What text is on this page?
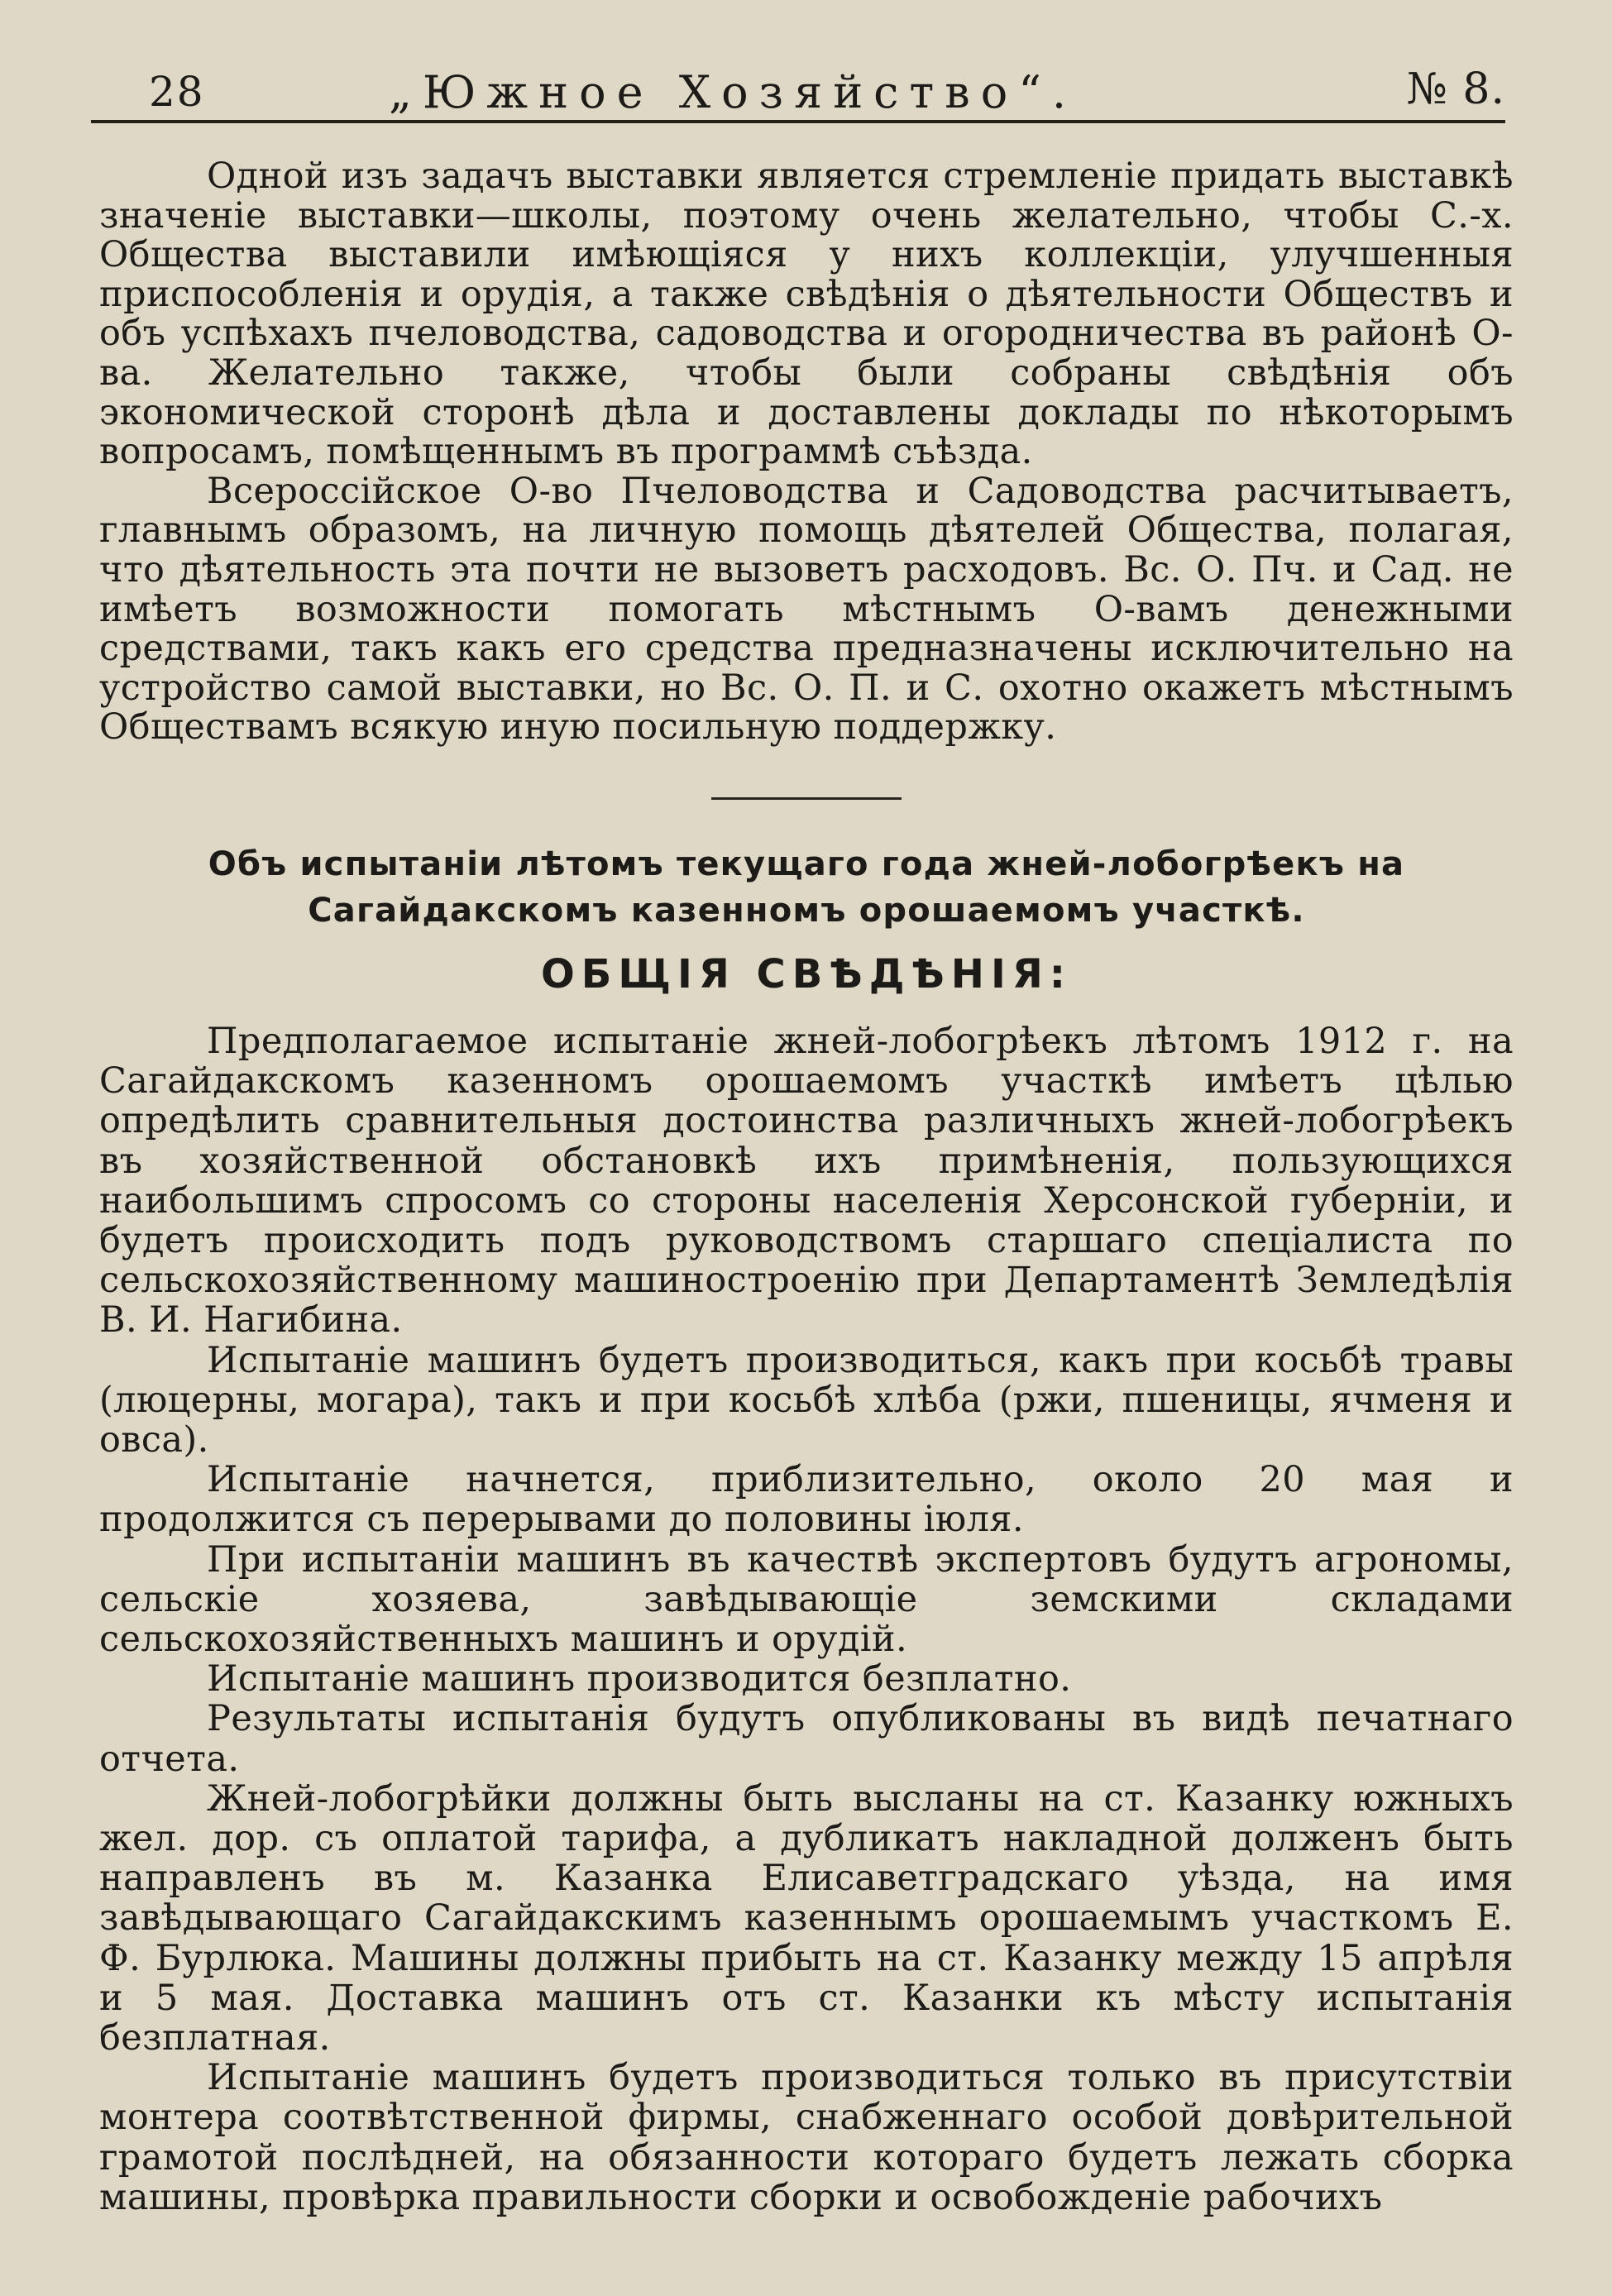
28	„Южное Хозяйство“.	№ 8.

Одной изъ задачъ выставки является стремленіе придать выставкѣ значеніе выставки—школы, поэтому очень желательно, чтобы С.-х. Общества выставили имѣющіяся у нихъ коллекціи, улучшенныя приспособленія и орудія, а также свѣдѣнія о дѣятельности Обществъ и объ успѣхахъ пчеловодства, садоводства и огородничества въ районѣ О-ва. Желательно также, чтобы были собраны свѣдѣнія объ экономической сторонѣ дѣла и доставлены доклады по нѣкоторымъ вопросамъ, помѣщеннымъ въ программѣ съѣзда.

Всероссійское О-во Пчеловодства и Садоводства расчитываетъ, главнымъ образомъ, на личную помощь дѣятелей Общества, полагая, что дѣятельность эта почти не вызоветъ расходовъ. Вс. О. Пч. и Сад. не имѣетъ возможности помогать мѣстнымъ О-вамъ денежными средствами, такъ какъ его средства предназначены исключительно на устройство самой выставки, но Вс. О. П. и С. охотно окажетъ мѣстнымъ Обществамъ всякую иную посильную поддержку.

Объ испытаніи лѣтомъ текущаго года жней-лобогрѣекъ на Сагайдакскомъ казенномъ орошаемомъ участкѣ.
ОБЩІЯ СВѢДѢНІЯ:

Предполагаемое испытаніе жней-лобогрѣекъ лѣтомъ 1912 г. на Сагайдакскомъ казенномъ орошаемомъ участкѣ имѣетъ цѣлью опредѣлить сравнительныя достоинства различныхъ жней-лобогрѣекъ въ хозяйственной обстановкѣ ихъ примѣненія, пользующихся наибольшимъ спросомъ со стороны населенія Херсонской губерніи, и будетъ происходить подъ руководствомъ старшаго спеціалиста по сельскохозяйственному машиностроенію при Департаментѣ Земледѣлія В. И. Нагибина.

Испытаніе машинъ будетъ производиться, какъ при косьбѣ травы (люцерны, могара), такъ и при косьбѣ хлѣба (ржи, пшеницы, ячменя и овса).

Испытаніе начнется, приблизительно, около 20 мая и продолжится съ перерывами до половины іюля.

При испытаніи машинъ въ качествѣ экспертовъ будутъ агрономы, сельскіе хозяева, завѣдывающіе земскими складами сельскохозяйственныхъ машинъ и орудій.

Испытаніе машинъ производится безплатно.

Результаты испытанія будутъ опубликованы въ видѣ печатнаго отчета.

Жней-лобогрѣйки должны быть высланы на ст. Казанку южныхъ жел. дор. съ оплатой тарифа, а дубликатъ накладной долженъ быть направленъ въ м. Казанка Елисаветградскаго уѣзда, на имя завѣдывающаго Сагайдакскимъ казеннымъ орошаемымъ участкомъ Е. Ф. Бурлюка. Машины должны прибыть на ст. Казанку между 15 апрѣля и 5 мая. Доставка машинъ отъ ст. Казанки къ мѣсту испытанія безплатная.

Испытаніе машинъ будетъ производиться только въ присутствіи монтера соотвѣтственной фирмы, снабженнаго особой довѣрительной грамотой послѣдней, на обязанности котораго будетъ лежать сборка машины, провѣрка правильности сборки и освобожденіе рабочихъ
